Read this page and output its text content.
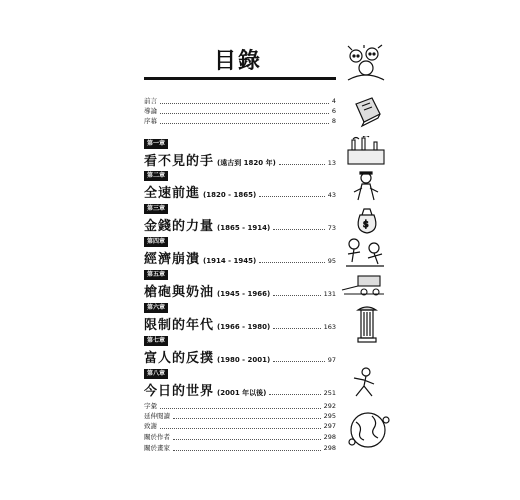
目錄
前言	4
導論	6
序幕	8
第一章
看不見的手 (遠古到 1820 年)	13
第二章
全速前進 (1820 - 1865)	43
第三章
金錢的力量 (1865 - 1914)	73
第四章
經濟崩潰 (1914 - 1945)	95
第五章
槍砲與奶油 (1945 - 1966)	131
第六章
限制的年代 (1966 - 1980)	163
第七章
富人的反撲 (1980 - 2001)	97
第八章
今日的世界 (2001 年以後)	251
字彙	292
延伸閱讀	295
致謝	297
關於作者	298
關於畫家	298
$
